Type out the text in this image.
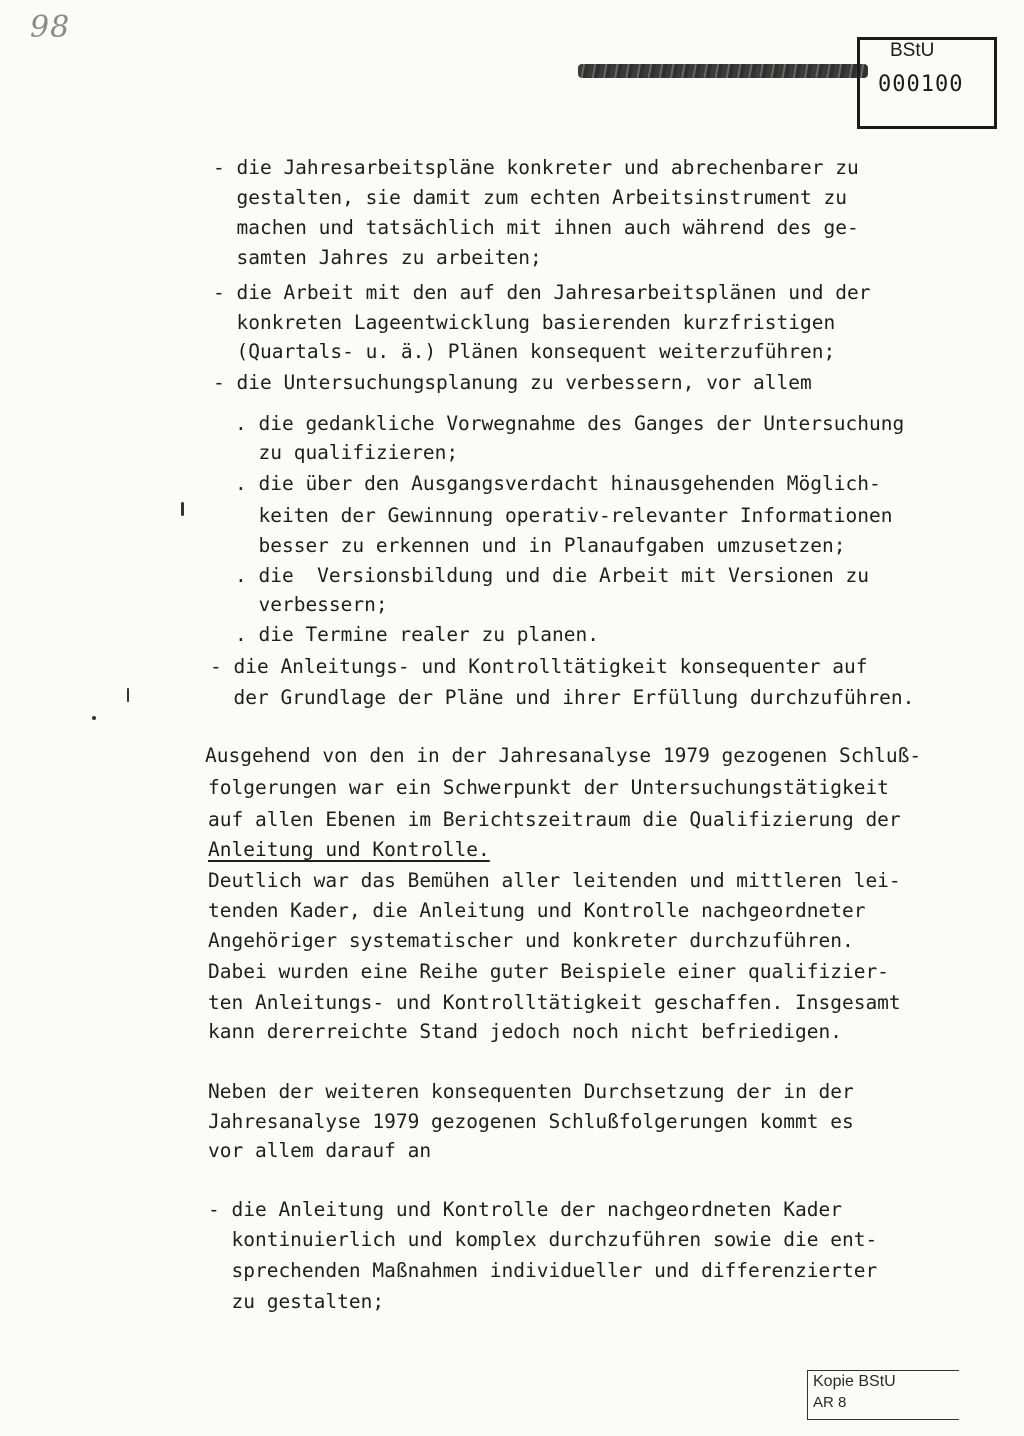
98
BStU
000100
- die Jahresarbeitspläne konkreter und abrechenbarer zu
gestalten, sie damit zum echten Arbeitsinstrument zu
machen und tatsächlich mit ihnen auch während des ge-
samten Jahres zu arbeiten;
- die Arbeit mit den auf den Jahresarbeitsplänen und der
konkreten Lageentwicklung basierenden kurzfristigen
(Quartals- u. ä.) Plänen konsequent weiterzuführen;
- die Untersuchungsplanung zu verbessern, vor allem
. die gedankliche Vorwegnahme des Ganges der Untersuchung
zu qualifizieren;
. die über den Ausgangsverdacht hinausgehenden Möglich-
keiten der Gewinnung operativ-relevanter Informationen
besser zu erkennen und in Planaufgaben umzusetzen;
. die  Versionsbildung und die Arbeit mit Versionen zu
verbessern;
. die Termine realer zu planen.
- die Anleitungs- und Kontrolltätigkeit konsequenter auf
der Grundlage der Pläne und ihrer Erfüllung durchzuführen.
Ausgehend von den in der Jahresanalyse 1979 gezogenen Schluß-
folgerungen war ein Schwerpunkt der Untersuchungstätigkeit
auf allen Ebenen im Berichtszeitraum die Qualifizierung der
Anleitung und Kontrolle.
Deutlich war das Bemühen aller leitenden und mittleren lei-
tenden Kader, die Anleitung und Kontrolle nachgeordneter
Angehöriger systematischer und konkreter durchzuführen.
Dabei wurden eine Reihe guter Beispiele einer qualifizier-
ten Anleitungs- und Kontrolltätigkeit geschaffen. Insgesamt
kann dererreichte Stand jedoch noch nicht befriedigen.
Neben der weiteren konsequenten Durchsetzung der in der
Jahresanalyse 1979 gezogenen Schlußfolgerungen kommt es
vor allem darauf an
- die Anleitung und Kontrolle der nachgeordneten Kader
kontinuierlich und komplex durchzuführen sowie die ent-
sprechenden Maßnahmen individueller und differenzierter
zu gestalten;
Kopie BStU
AR 8
